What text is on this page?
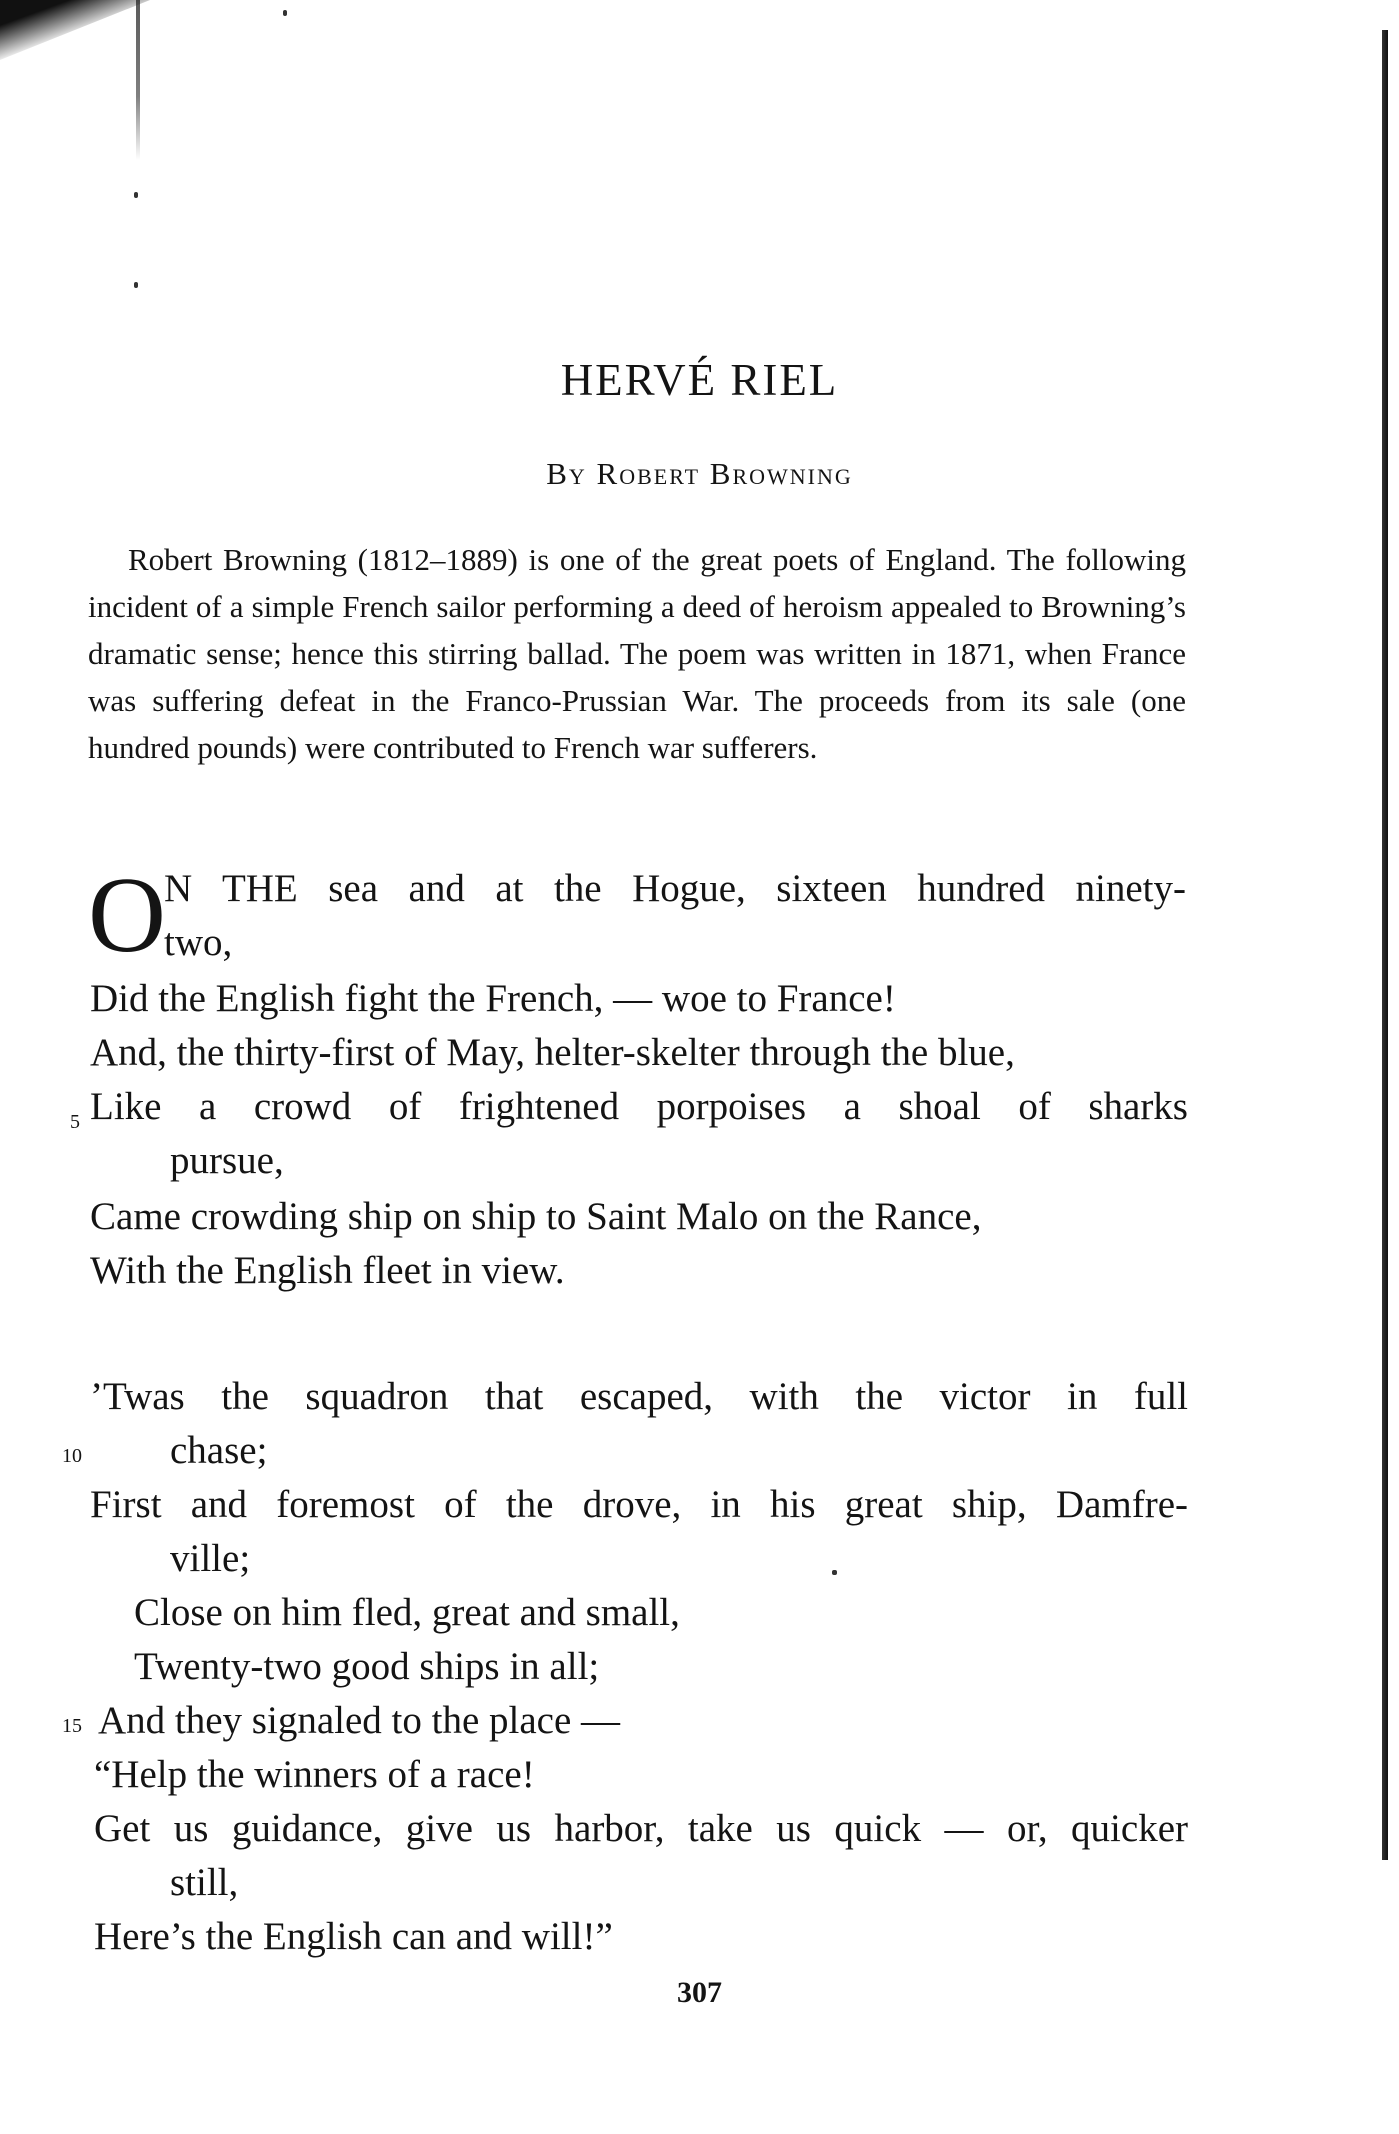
HERVÉ RIEL
By Robert Browning

Robert Browning (1812–1889) is one of the great poets of England. The following incident of a simple French sailor performing a deed of heroism appealed to Browning’s dramatic sense; hence this stirring ballad. The poem was written in 1871, when France was suffering defeat in the Franco-Prussian War. The proceeds from its sale (one hundred pounds) were contributed to French war sufferers.

O
N THE sea and at the Hogue, sixteen hundred ninety-
two,
Did the English fight the French, — woe to France!
And, the thirty-first of May, helter-skelter through the blue,
Like a crowd of frightened porpoises a shoal of sharks
pursue,
Came crowding ship on ship to Saint Malo on the Rance,
With the English fleet in view.
’Twas the squadron that escaped, with the victor in full
chase;
First and foremost of the drove, in his great ship, Damfre-
ville;
Close on him fled, great and small,
Twenty-two good ships in all;
And they signaled to the place —
“Help the winners of a race!
Get us guidance, give us harbor, take us quick — or, quicker
still,
Here’s the English can and will!”
5
10
15
307
